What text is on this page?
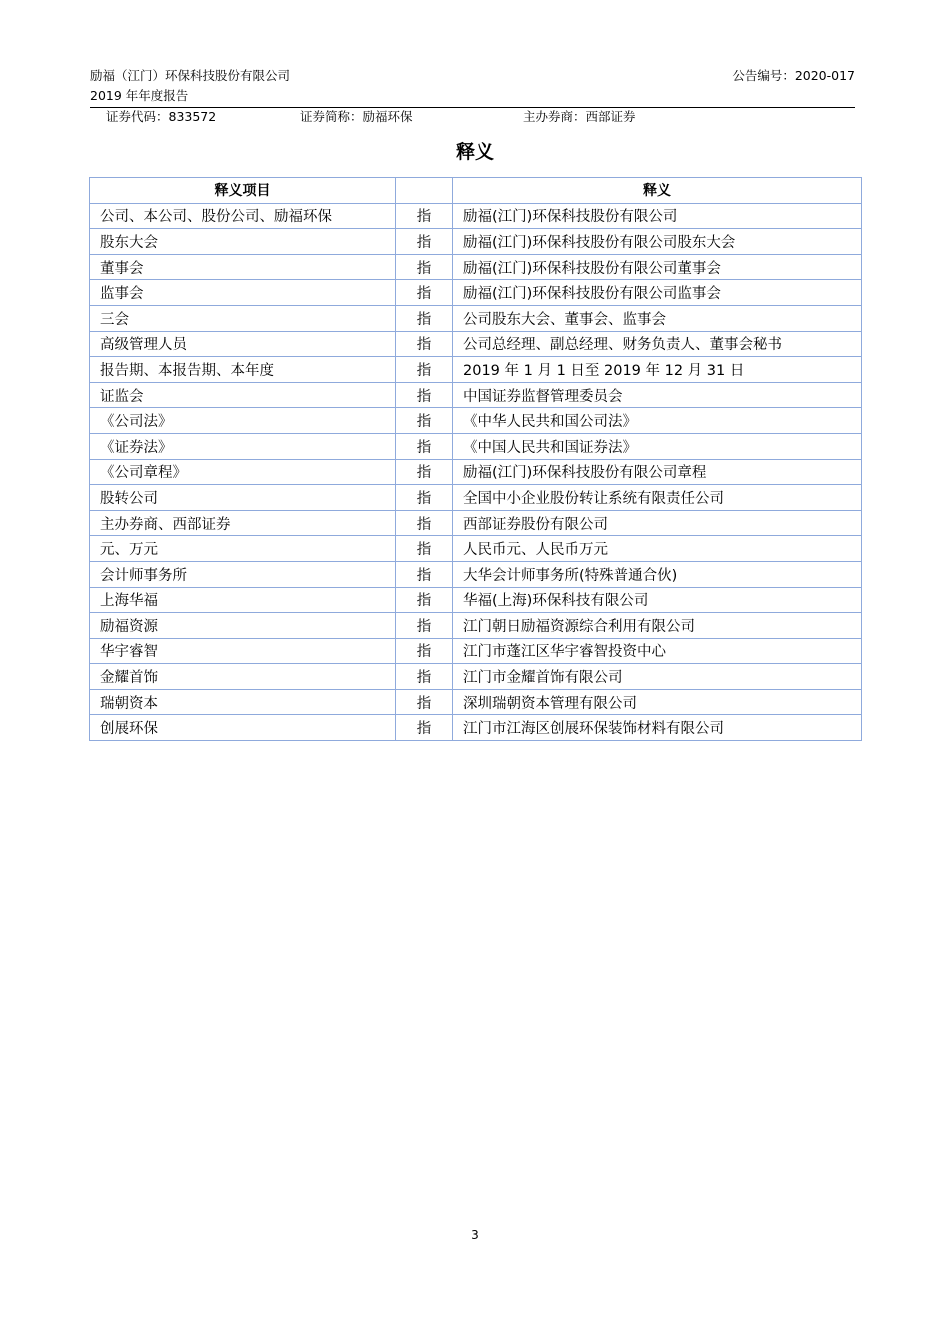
励福（江门）环保科技股份有限公司	公告编号：2020-017
2019 年年度报告
证券代码：833572	证券简称：励福环保	主办券商：西部证券
释义
释义项目		释义
公司、本公司、股份公司、励福环保	指	励福(江门)环保科技股份有限公司
股东大会	指	励福(江门)环保科技股份有限公司股东大会
董事会	指	励福(江门)环保科技股份有限公司董事会
监事会	指	励福(江门)环保科技股份有限公司监事会
三会	指	公司股东大会、董事会、监事会
高级管理人员	指	公司总经理、副总经理、财务负责人、董事会秘书
报告期、本报告期、本年度	指	2019 年 1 月 1 日至 2019 年 12 月 31 日
证监会	指	中国证券监督管理委员会
《公司法》	指	《中华人民共和国公司法》
《证券法》	指	《中国人民共和国证券法》
《公司章程》	指	励福(江门)环保科技股份有限公司章程
股转公司	指	全国中小企业股份转让系统有限责任公司
主办券商、西部证券	指	西部证券股份有限公司
元、万元	指	人民币元、人民币万元
会计师事务所	指	大华会计师事务所(特殊普通合伙)
上海华福	指	华福(上海)环保科技有限公司
励福资源	指	江门朝日励福资源综合利用有限公司
华宇睿智	指	江门市蓬江区华宇睿智投资中心
金耀首饰	指	江门市金耀首饰有限公司
瑞朝资本	指	深圳瑞朝资本管理有限公司
创展环保	指	江门市江海区创展环保装饰材料有限公司
3
